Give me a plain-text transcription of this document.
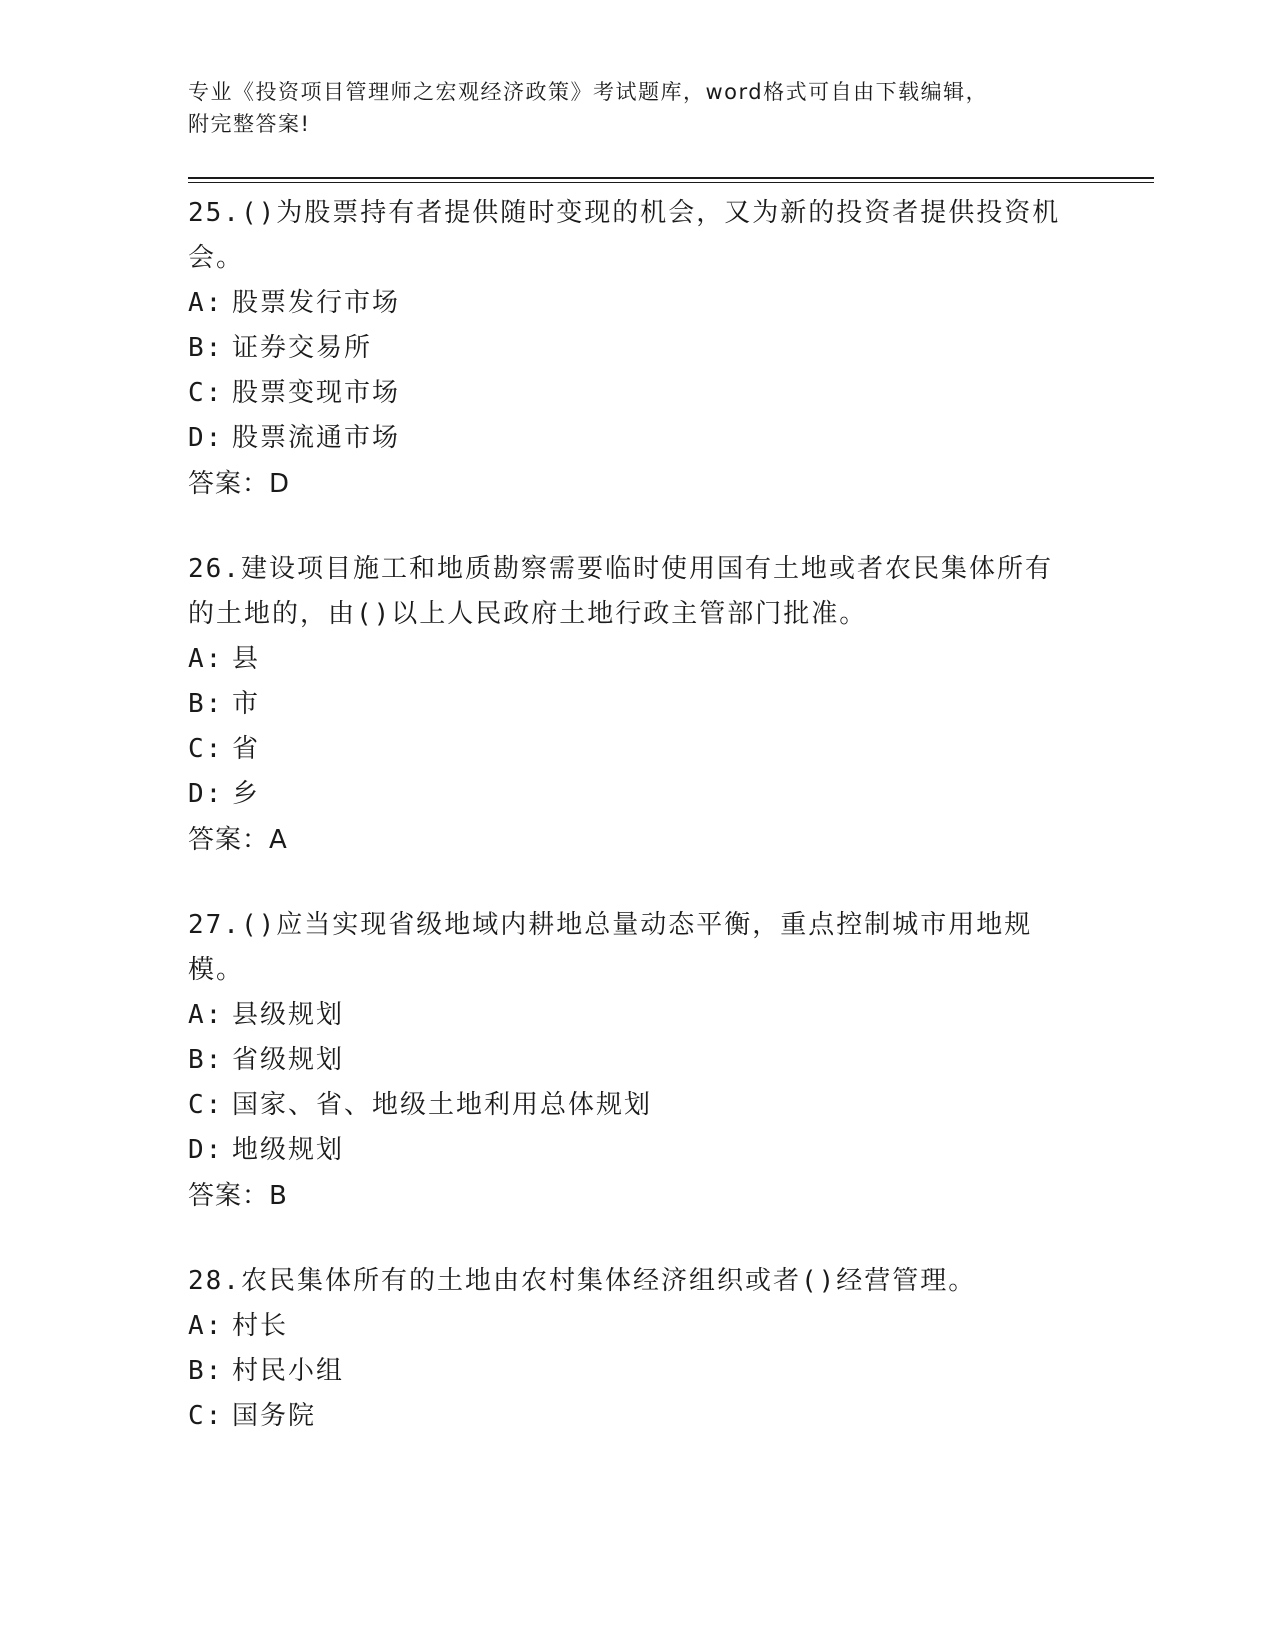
专业《投资项目管理师之宏观经济政策》考试题库，word格式可自由下载编辑，
附完整答案!
25.()为股票持有者提供随时变现的机会，又为新的投资者提供投资机会。
A: 股票发行市场
B: 证券交易所
C: 股票变现市场
D: 股票流通市场
答案：D
26.建设项目施工和地质勘察需要临时使用国有土地或者农民集体所有的土地的，由()以上人民政府土地行政主管部门批准。
A: 县
B: 市
C: 省
D: 乡
答案：A
27.()应当实现省级地域内耕地总量动态平衡，重点控制城市用地规模。
A: 县级规划
B: 省级规划
C: 国家、省、地级土地利用总体规划
D: 地级规划
答案：B
28.农民集体所有的土地由农村集体经济组织或者()经营管理。
A: 村长
B: 村民小组
C: 国务院
